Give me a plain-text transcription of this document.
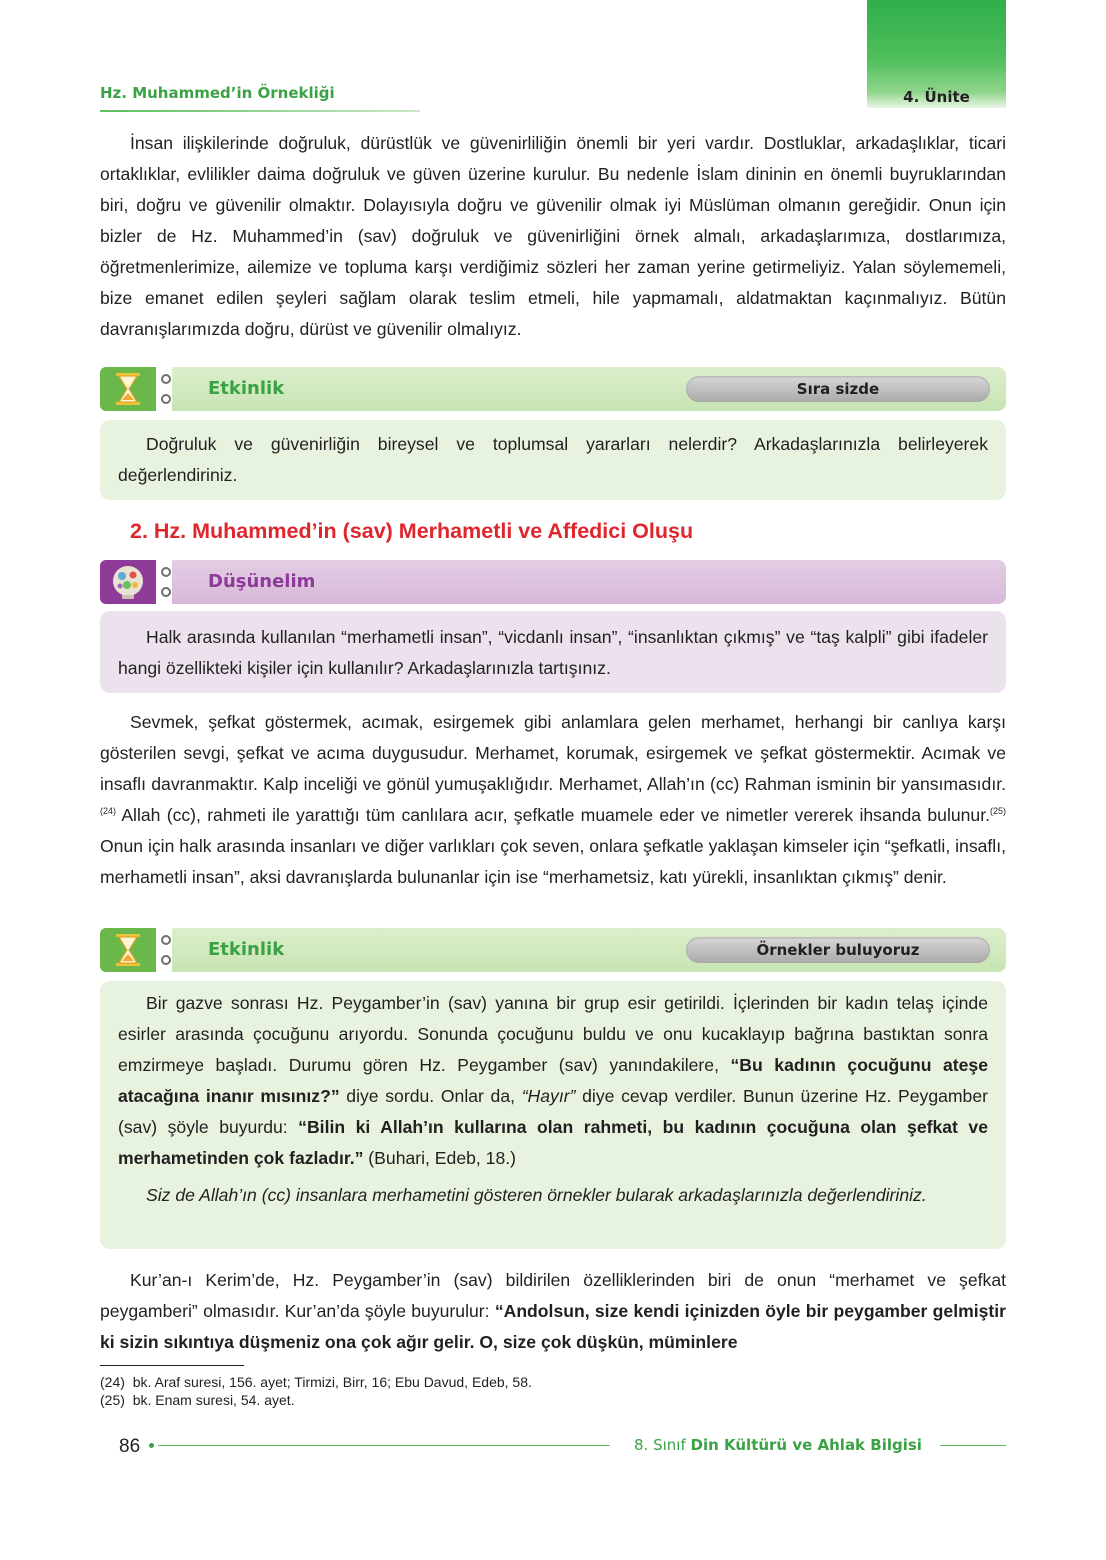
4. Ünite
Hz. Muhammed’in Örnekliği

İnsan ilişkilerinde doğruluk, dürüstlük ve güvenirliliğin önemli bir yeri vardır. Dostluklar, arkadaşlıklar, ticari ortaklıklar, evlilikler daima doğruluk ve güven üzerine kurulur. Bu nedenle İslam dininin en önemli buyruklarından biri, doğru ve güvenilir olmaktır. Dolayısıyla doğru ve güvenilir olmak iyi Müslüman olmanın gereğidir. Onun için bizler de Hz. Muhammed’in (sav) doğruluk ve güvenirliğini örnek almalı, arkadaşlarımıza, dostlarımıza, öğretmenlerimize, ailemize ve topluma karşı verdiğimiz sözleri her zaman yerine getirmeliyiz. Yalan söylememeli, bize emanet edilen şeyleri sağlam olarak teslim etmeli, hile yapmamalı, aldatmaktan kaçınmalıyız. Bütün davranışlarımızda doğru, dürüst ve güvenilir olmalıyız.

Etkinlik	Sıra sizde

Doğruluk ve güvenirliğin bireysel ve toplumsal yararları nelerdir? Arkadaşlarınızla belirleyerek değerlendiriniz.

2. Hz. Muhammed’in (sav) Merhametli ve Affedici Oluşu
Düşünelim

Halk arasında kullanılan “merhametli insan”, “vicdanlı insan”, “insanlıktan çıkmış” ve “taş kalpli” gibi ifadeler hangi özellikteki kişiler için kullanılır? Arkadaşlarınızla tartışınız.

Sevmek, şefkat göstermek, acımak, esirgemek gibi anlamlara gelen merhamet, herhangi bir canlıya karşı gösterilen sevgi, şefkat ve acıma duygusudur. Merhamet, korumak, esirgemek ve şefkat göstermektir. Acımak ve insaflı davranmaktır. Kalp inceliği ve gönül yumuşaklığıdır. Merhamet, Allah’ın (cc) Rahman isminin bir yansımasıdır.$^{(24)}$ Allah (cc), rahmeti ile yarattığı tüm canlılara acır, şefkatle muamele eder ve nimetler vererek ihsanda bulunur.$^{(25)}$ Onun için halk arasında insanları ve diğer varlıkları çok seven, onlara şefkatle yaklaşan kimseler için “şefkatli, insaflı, merhametli insan”, aksi davranışlarda bulunanlar için ise “merhametsiz, katı yürekli, insanlıktan çıkmış” denir.

Etkinlik	Örnekler buluyoruz

Bir gazve sonrası Hz. Peygamber’in (sav) yanına bir grup esir getirildi. İçlerinden bir kadın telaş içinde esirler arasında çocuğunu arıyordu. Sonunda çocuğunu buldu ve onu kucaklayıp bağrına bastıktan sonra emzirmeye başladı. Durumu gören Hz. Peygamber (sav) yanındakilere, “Bu kadının çocuğunu ateşe atacağına inanır mısınız?” diye sordu. Onlar da, “Hayır” diye cevap verdiler. Bunun üzerine Hz. Peygamber (sav) şöyle buyurdu: “Bilin ki Allah’ın kullarına olan rahmeti, bu kadının çocuğuna olan şefkat ve merhametinden çok fazladır.” (Buhari, Edeb, 18.)

Siz de Allah’ın (cc) insanlara merhametini gösteren örnekler bularak arkadaşlarınızla değerlendiriniz.

Kur’an-ı Kerim’de, Hz. Peygamber’in (sav) bildirilen özelliklerinden biri de onun “merhamet ve şefkat peygamberi” olmasıdır. Kur’an’da şöyle buyurulur: “Andolsun, size kendi içinizden öyle bir peygamber gelmiştir ki sizin sıkıntıya düşmeniz ona çok ağır gelir. O, size çok düşkün, müminlere

(24) bk. Araf suresi, 156. ayet; Tirmizi, Birr, 16; Ebu Davud, Edeb, 58.
(25) bk. Enam suresi, 54. ayet.
86	8. Sınıf Din Kültürü ve Ahlak Bilgisi
